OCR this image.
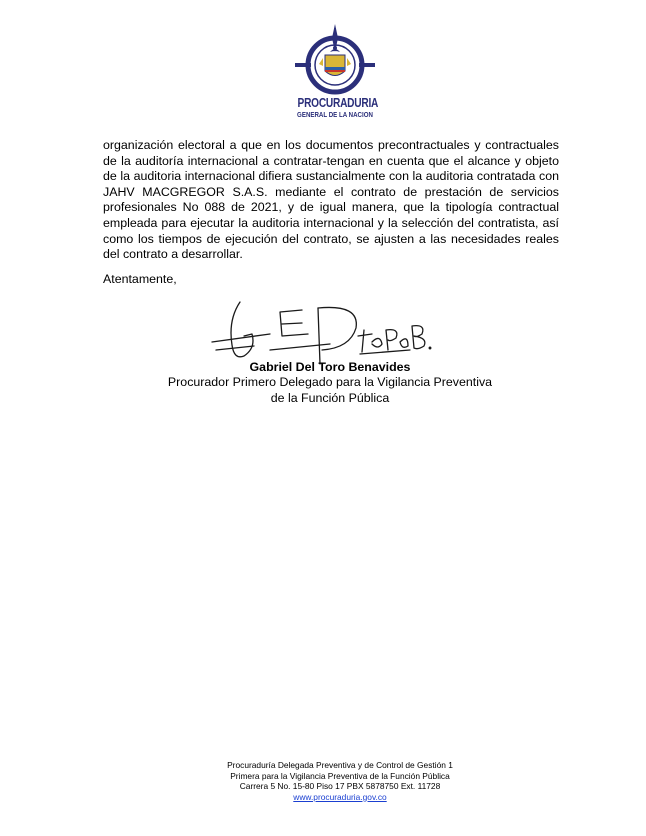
PROCURADURIA
GENERAL DE LA NACION

organización electoral a que en los documentos precontractuales y contractuales de la auditoría internacional a contratar-tengan en cuenta que el alcance y objeto de la auditoria internacional difiera sustancialmente con la auditoria contratada con JAHV MACGREGOR S.A.S. mediante el contrato de prestación de servicios profesionales No 088 de 2021, y de igual manera, que la tipología contractual empleada para ejecutar la auditoria internacional y la selección del contratista, así como los tiempos de ejecución del contrato, se ajusten a las necesidades reales del contrato a desarrollar.

Atentamente,

Gabriel Del Toro Benavides
Procurador Primero Delegado para la Vigilancia Preventiva
de la Función Pública
Procuraduría Delegada Preventiva y de Control de Gestión 1
Primera para la Vigilancia Preventiva de la Función Pública
Carrera 5 No. 15-80 Piso 17 PBX 5878750 Ext. 11728
www.procuraduria.gov.co
